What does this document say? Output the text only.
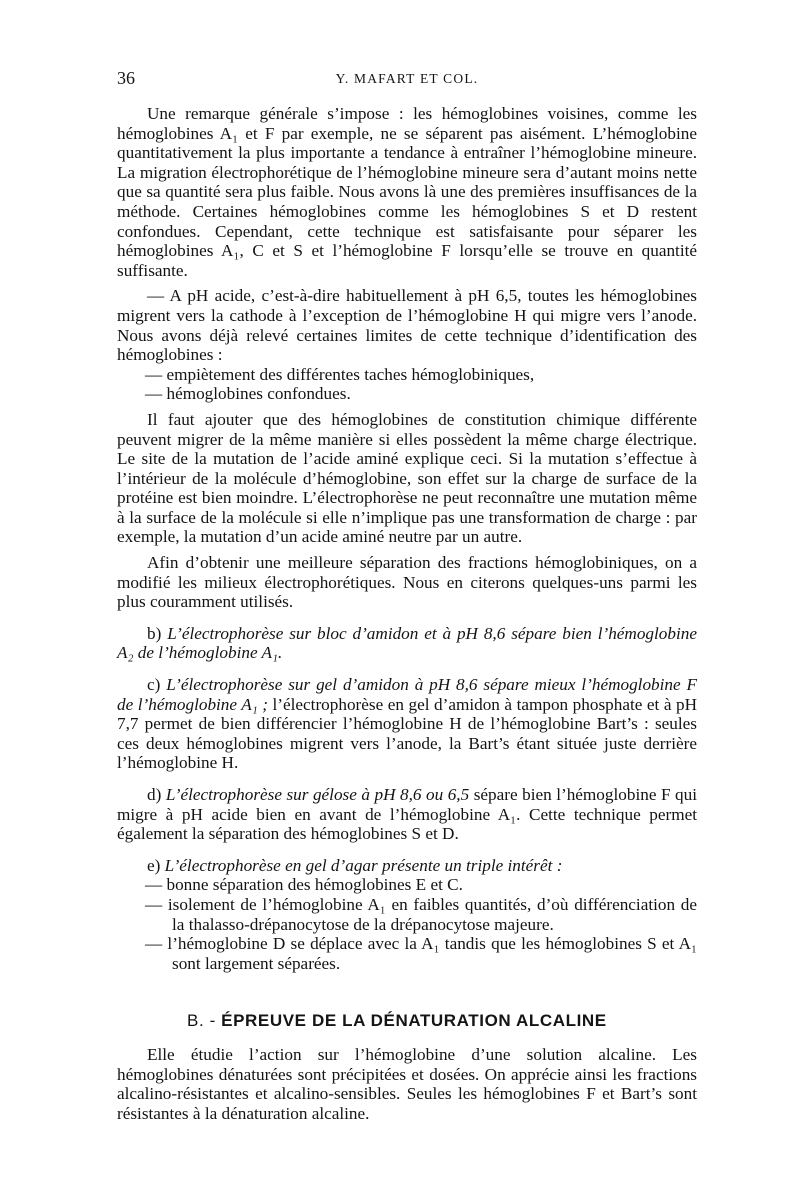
36	Y. MAFART ET COL.

Une remarque générale s’impose : les hémoglobines voisines, comme les hémoglobines A₁ et F par exemple, ne se séparent pas aisément. L’hémoglobine quantitativement la plus importante a tendance à entraîner l’hémoglobine mineure. La migration électrophorétique de l’hémoglobine mineure sera d’autant moins nette que sa quantité sera plus faible. Nous avons là une des premières insuffisances de la méthode. Certaines hémoglobines comme les hémoglobines S et D restent confondues. Cependant, cette technique est satisfaisante pour séparer les hémoglobines A₁, C et S et l’hémoglobine F lorsqu’elle se trouve en quantité suffisante.

— A pH acide, c’est-à-dire habituellement à pH 6,5, toutes les hémoglobines migrent vers la cathode à l’exception de l’hémoglobine H qui migre vers l’anode. Nous avons déjà relevé certaines limites de cette technique d’identification des hémoglobines :

— empiètement des différentes taches hémoglobiniques,

— hémoglobines confondues.

Il faut ajouter que des hémoglobines de constitution chimique différente peuvent migrer de la même manière si elles possèdent la même charge électrique. Le site de la mutation de l’acide aminé explique ceci. Si la mutation s’effectue à l’intérieur de la molécule d’hémoglobine, son effet sur la charge de surface de la protéine est bien moindre. L’électrophorèse ne peut reconnaître une mutation même à la surface de la molécule si elle n’implique pas une transformation de charge : par exemple, la mutation d’un acide aminé neutre par un autre.

Afin d’obtenir une meilleure séparation des fractions hémoglobiniques, on a modifié les milieux électrophorétiques. Nous en citerons quelques-uns parmi les plus couramment utilisés.

b) L’électrophorèse sur bloc d’amidon et à pH 8,6 sépare bien l’hémoglobine A₂ de l’hémoglobine A₁.

c) L’électrophorèse sur gel d’amidon à pH 8,6 sépare mieux l’hémoglobine F de l’hémoglobine A₁ ; l’électrophorèse en gel d’amidon à tampon phosphate et à pH 7,7 permet de bien différencier l’hémoglobine H de l’hémoglobine Bart’s : seules ces deux hémoglobines migrent vers l’anode, la Bart’s étant située juste derrière l’hémoglobine H.

d) L’électrophorèse sur gélose à pH 8,6 ou 6,5 sépare bien l’hémoglobine F qui migre à pH acide bien en avant de l’hémoglobine A₁. Cette technique permet également la séparation des hémoglobines S et D.

e) L’électrophorèse en gel d’agar présente un triple intérêt :

— bonne séparation des hémoglobines E et C.

— isolement de l’hémoglobine A₁ en faibles quantités, d’où différenciation de la thalasso-drépanocytose de la drépanocytose majeure.

— l’hémoglobine D se déplace avec la A₁ tandis que les hémoglobines S et A₁ sont largement séparées.

B. - ÉPREUVE DE LA DÉNATURATION ALCALINE

Elle étudie l’action sur l’hémoglobine d’une solution alcaline. Les hémoglobines dénaturées sont précipitées et dosées. On apprécie ainsi les fractions alcalino-résistantes et alcalino-sensibles. Seules les hémoglobines F et Bart’s sont résistantes à la dénaturation alcaline.
